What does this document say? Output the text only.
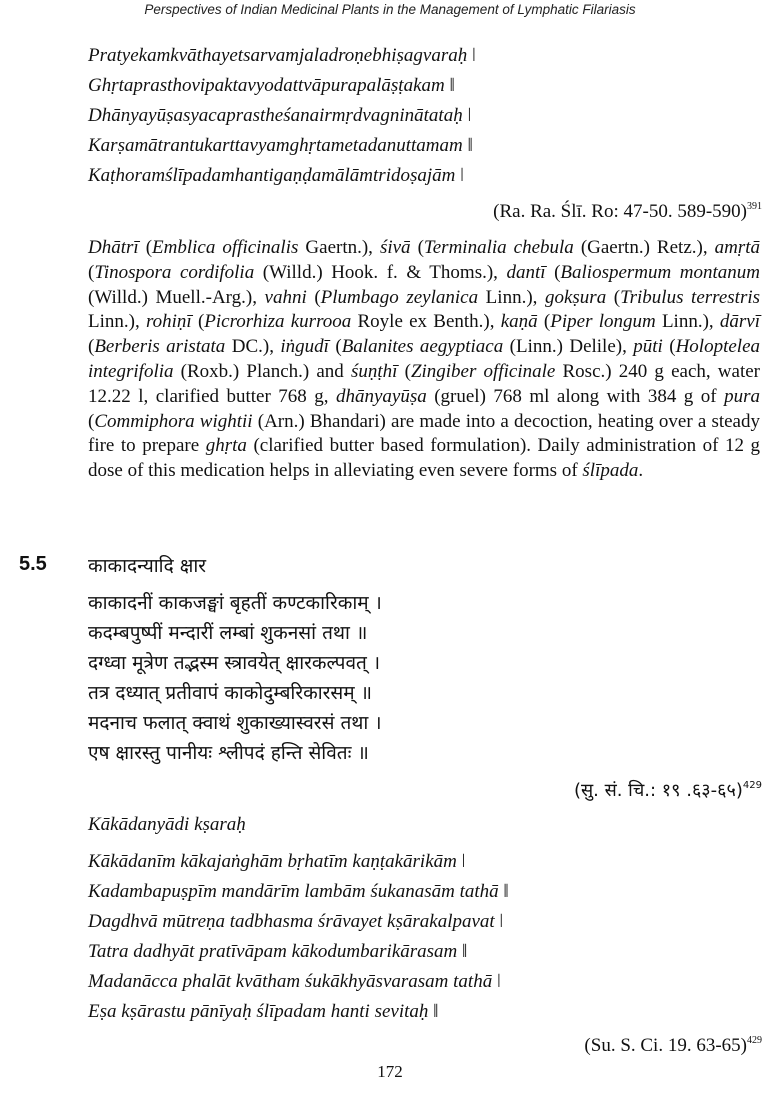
Perspectives of Indian Medicinal Plants in the Management of Lymphatic Filariasis
Pratyekamkvāthayetsarvamjaladroṇebhiṣagvaraḥ ǀ
Ghṛtaprasthovipaktavyodattvāpurapalāṣṭakam ǁ
Dhānyayūṣasyacaprastheśanairmṛdvagninātataḥ ǀ
Karṣamātrantukarttavyamghṛtametadanuttamam ǁ
Kaṭhoramślīpadamhantigaṇḍamālāmtridoṣajām ǀ
(Ra. Ra. Ślī. Ro: 47-50. 589-590)$^{391}$
Dhātrī (Emblica officinalis Gaertn.), śivā (Terminalia chebula (Gaertn.) Retz.), amṛtā (Tinospora cordifolia (Willd.) Hook. f. & Thoms.), dantī (Baliospermum montanum (Willd.) Muell.-Arg.), vahni (Plumbago zeylanica Linn.), gokṣura (Tribulus terrestris Linn.), rohiṇī (Picrorhiza kurrooa Royle ex Benth.), kaṇā (Piper longum Linn.), dārvī (Berberis aristata DC.), iṅgudī (Balanites aegyptiaca (Linn.) Delile), pūti (Holoptelea integrifolia (Roxb.) Planch.) and śuṇṭhī (Zingiber officinale Rosc.) 240 g each, water 12.22 l, clarified butter 768 g, dhānyayūṣa (gruel) 768 ml along with 384 g of pura (Commiphora wightii (Arn.) Bhandari) are made into a decoction, heating over a steady fire to prepare ghṛta (clarified butter based formulation). Daily administration of 12 g dose of this medication helps in alleviating even severe forms of ślīpada.
5.5 काकादन्यादि क्षार
काकादनीं काकजङ्घां बृहतीं कण्टकारिकाम् ।
कदम्बपुष्पीं मन्दारीं लम्बां शुकनसां तथा ॥
दग्ध्वा मूत्रेण तद्भस्म स्त्रावयेत् क्षारकल्पवत् ।
तत्र दध्यात् प्रतीवापं काकोदुम्बरिकारसम् ॥
मदनाच फलात् क्वाथं शुकाख्यास्वरसं तथा ।
एष क्षारस्तु पानीयः श्लीपदं हन्ति सेवितः ॥
(सु. सं. चि.: १९ .६३-६५)$^{429}$
Kākādanyādi kṣaraḥ
Kākādanīm kākajaṅghām bṛhatīm kaṇṭakārikām ǀ
Kadambapuṣpīm mandārīm lambām śukanasām tathā ǁ
Dagdhvā mūtreṇa tadbhasma śrāvayet kṣārakalpavat ǀ
Tatra dadhyāt pratīvāpam kākodumbarikārasam ǁ
Madanācca phalāt kvātham śukākhyāsvarasam tathā ǀ
Eṣa kṣārastu pānīyaḥ ślīpadam hanti sevitaḥ ǁ
(Su. S. Ci. 19. 63-65)$^{429}$
172
